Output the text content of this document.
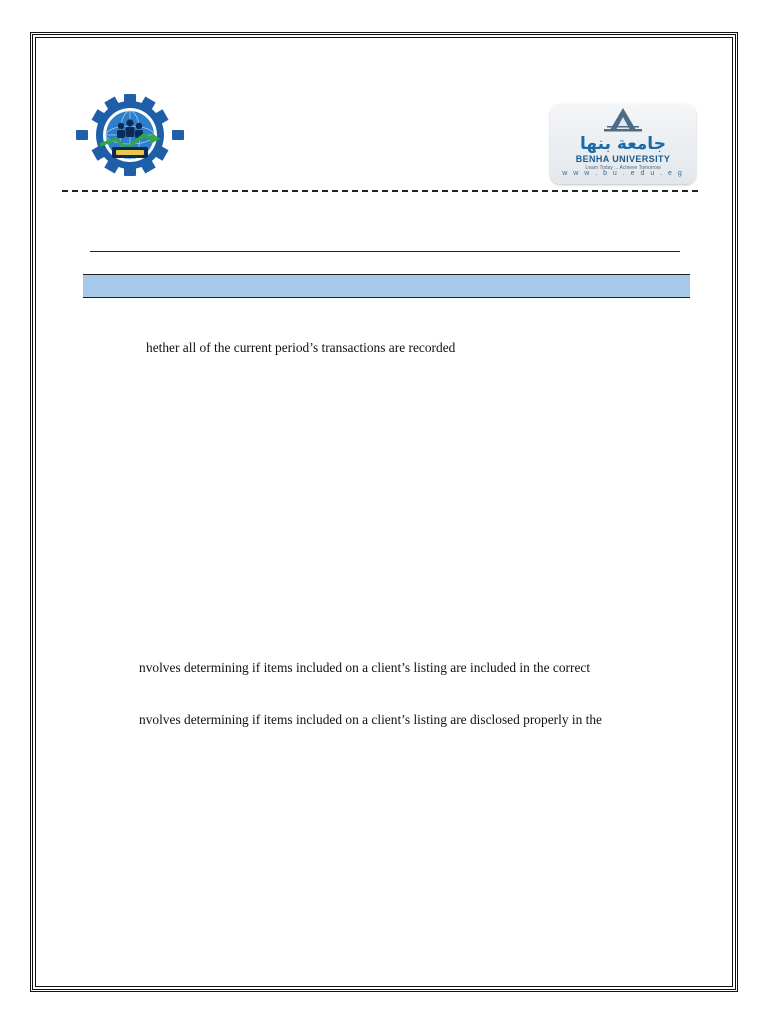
جامعة بنها
BENHA UNIVERSITY
Learn Today ... Achieve Tomorrow
w w w . b u . e d u . e g
hether all of the current period’s transactions are recorded
nvolves determining if items included on a client’s listing are included in the correct
nvolves determining if items included on a client’s listing are disclosed properly in the
